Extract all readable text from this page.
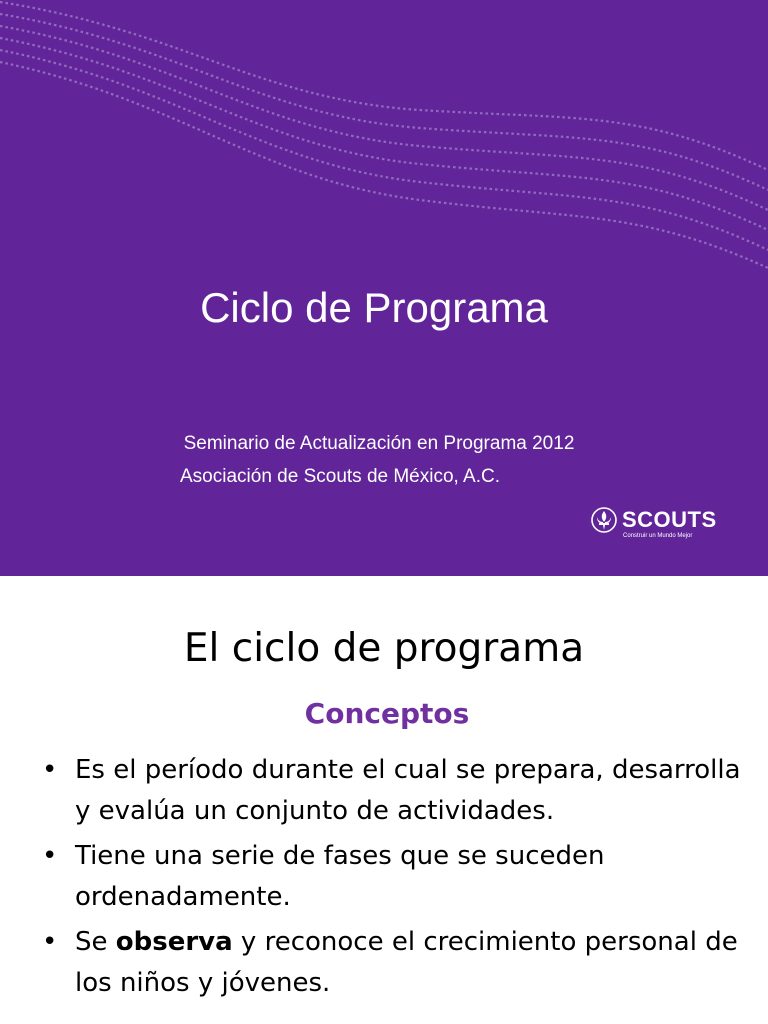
Ciclo de Programa
Seminario de Actualización en Programa 2012
Asociación de Scouts de México, A.C.
SCOUTS
Construir un Mundo Mejor
El ciclo de programa
Conceptos
• Es el período durante el cual se prepara, desarrolla y evalúa un conjunto de actividades.
• Tiene una serie de fases que se suceden ordenadamente.
• Se observa y reconoce el crecimiento personal de los niños y jóvenes.
